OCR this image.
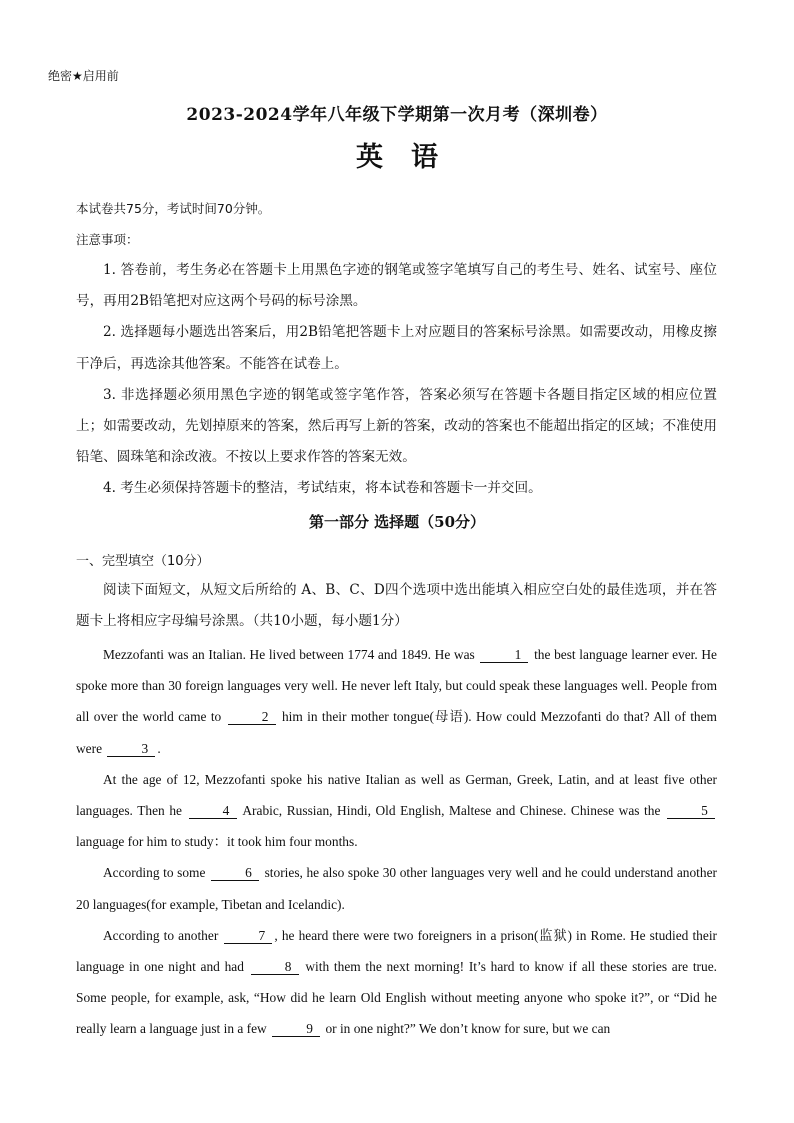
绝密★启用前
2023-2024学年八年级下学期第一次月考（深圳卷）
英语
本试卷共75分，考试时间70分钟。
注意事项：

1. 答卷前，考生务必在答题卡上用黑色字迹的钢笔或签字笔填写自己的考生号、姓名、试室号、座位号，再用2B铅笔把对应这两个号码的标号涂黑。

2. 选择题每小题选出答案后，用2B铅笔把答题卡上对应题目的答案标号涂黑。如需要改动，用橡皮擦干净后，再选涂其他答案。不能答在试卷上。

3. 非选择题必须用黑色字迹的钢笔或签字笔作答，答案必须写在答题卡各题目指定区域的相应位置上；如需要改动，先划掉原来的答案，然后再写上新的答案，改动的答案也不能超出指定的区域；不准使用铅笔、圆珠笔和涂改液。不按以上要求作答的答案无效。

4. 考生必须保持答题卡的整洁，考试结束，将本试卷和答题卡一并交回。

第一部分 选择题（50分）
一、完型填空（10分）

阅读下面短文，从短文后所给的 A、B、C、D四个选项中选出能填入相应空白处的最佳选项，并在答题卡上将相应字母编号涂黑。（共10小题，每小题1分）

Mezzofanti was an Italian. He lived between 1774 and 1849. He was	1 the best language learner ever. He spoke more than 30 foreign languages very well. He never left Italy, but could speak these languages well. People from all over the world came to	2 him in their mother tongue(母语). How could Mezzofanti do that? All of them were	3 .

At the age of 12, Mezzofanti spoke his native Italian as well as German, Greek, Latin, and at least five other languages. Then he	4 Arabic, Russian, Hindi, Old English, Maltese and Chinese. Chinese was the	5 language for him to study：it took him four months.

According to some	6 stories, he also spoke 30 other languages very well and he could understand another 20 languages(for example, Tibetan and Icelandic).

According to another	7 , he heard there were two foreigners in a prison(监狱) in Rome. He studied their language in one night and had	8 with them the next morning! It’s hard to know if all these stories are true. Some people, for example, ask, “How did he learn Old English without meeting anyone who spoke it?”, or “Did he really learn a language just in a few	9 or in one night?” We don’t know for sure, but we can
